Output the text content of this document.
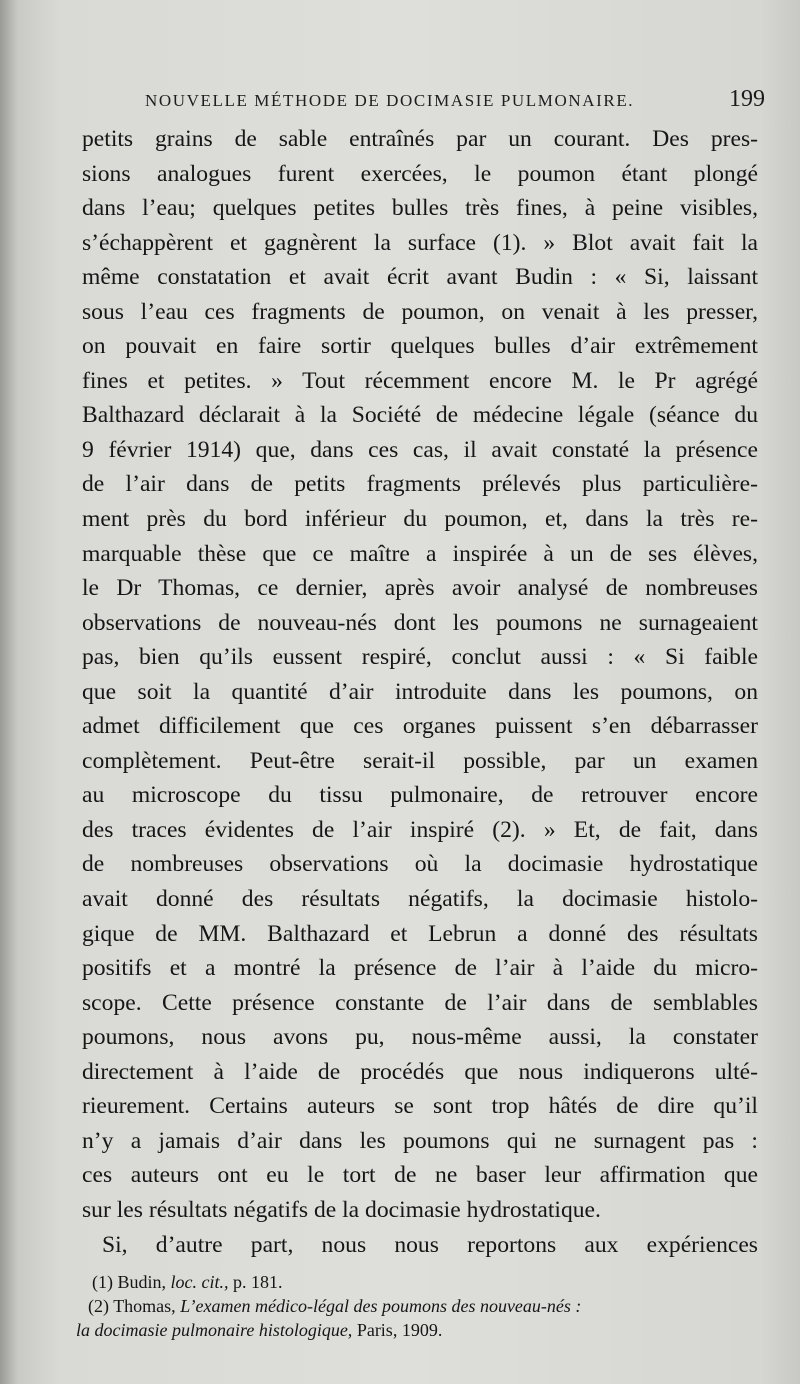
NOUVELLE MÉTHODE DE DOCIMASIE PULMONAIRE.	199
petits grains de sable entraînés par un courant. Des pres-
sions analogues furent exercées, le poumon étant plongé
dans l’eau; quelques petites bulles très fines, à peine visibles,
s’échappèrent et gagnèrent la surface (1). » Blot avait fait la
même constatation et avait écrit avant Budin : « Si, laissant
sous l’eau ces fragments de poumon, on venait à les presser,
on pouvait en faire sortir quelques bulles d’air extrêmement
fines et petites. » Tout récemment encore M. le Pr agrégé
Balthazard déclarait à la Société de médecine légale (séance du
9 février 1914) que, dans ces cas, il avait constaté la présence
de l’air dans de petits fragments prélevés plus particulière-
ment près du bord inférieur du poumon, et, dans la très re-
marquable thèse que ce maître a inspirée à un de ses élèves,
le Dr Thomas, ce dernier, après avoir analysé de nombreuses
observations de nouveau-nés dont les poumons ne surnageaient
pas, bien qu’ils eussent respiré, conclut aussi : « Si faible
que soit la quantité d’air introduite dans les poumons, on
admet difficilement que ces organes puissent s’en débarrasser
complètement. Peut-être serait-il possible, par un examen
au microscope du tissu pulmonaire, de retrouver encore
des traces évidentes de l’air inspiré (2). » Et, de fait, dans
de nombreuses observations où la docimasie hydrostatique
avait donné des résultats négatifs, la docimasie histolo-
gique de MM. Balthazard et Lebrun a donné des résultats
positifs et a montré la présence de l’air à l’aide du micro-
scope. Cette présence constante de l’air dans de semblables
poumons, nous avons pu, nous-même aussi, la constater
directement à l’aide de procédés que nous indiquerons ulté-
rieurement. Certains auteurs se sont trop hâtés de dire qu’il
n’y a jamais d’air dans les poumons qui ne surnagent pas :
ces auteurs ont eu le tort de ne baser leur affirmation que
sur les résultats négatifs de la docimasie hydrostatique.
Si, d’autre part, nous nous reportons aux expériences
(1) Budin, loc. cit., p. 181.
(2) Thomas, L’examen médico-légal des poumons des nouveau-nés :
la docimasie pulmonaire histologique, Paris, 1909.
